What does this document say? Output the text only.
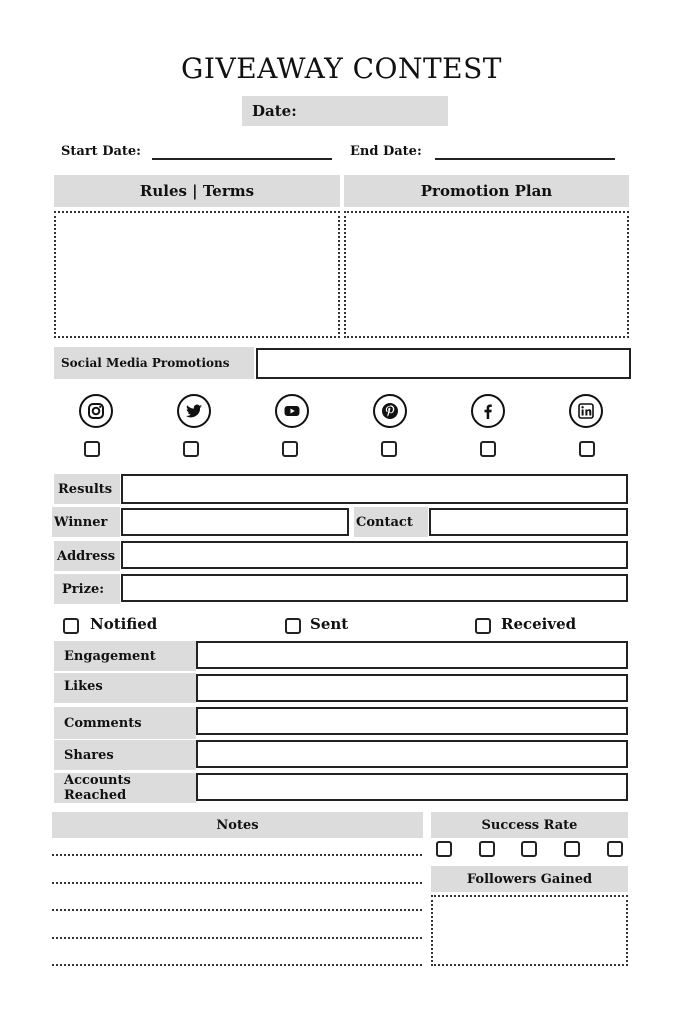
GIVEAWAY CONTEST
Date:
Start Date:	End Date:
Rules | Terms	Promotion Plan
Social Media Promotions
Results
Winner	Contact
Address
Prize:
Notified	Sent	Received
Engagement
Likes
Comments
Shares
Accounts Reached
Notes	Success Rate
Followers Gained
